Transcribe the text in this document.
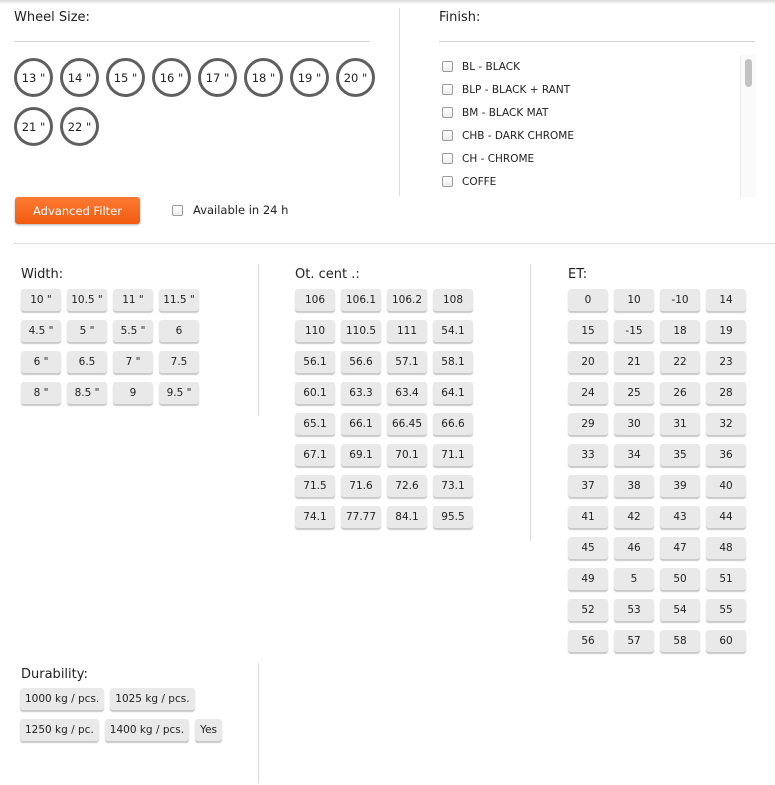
Wheel Size:
13 "	14 "	15 "	16 "	17 "	18 "	19 "	20 "
21 "	22 "
Finish:
BL - BLACK
BLP - BLACK + RANT
BM - BLACK MAT
CHB - DARK CHROME
CH - CHROME
COFFE
Advanced Filter	Available in 24 h
Width:
10 "	10.5 "	11 "	11.5 "
4.5 "	5 "	5.5 "	6
6 "	6.5	7 "	7.5
8 "	8.5 "	9	9.5 "
Ot. cent .:
106	106.1	106.2	108
110	110.5	111	54.1
56.1	56.6	57.1	58.1
60.1	63.3	63.4	64.1
65.1	66.1	66.45	66.6
67.1	69.1	70.1	71.1
71.5	71.6	72.6	73.1
74.1	77.77	84.1	95.5
ET:
0	10	-10	14
15	-15	18	19
20	21	22	23
24	25	26	28
29	30	31	32
33	34	35	36
37	38	39	40
41	42	43	44
45	46	47	48
49	5	50	51
52	53	54	55
56	57	58	60
Durability:
1000 kg / pcs.	1025 kg / pcs.
1250 kg / pc.	1400 kg / pcs.	Yes
